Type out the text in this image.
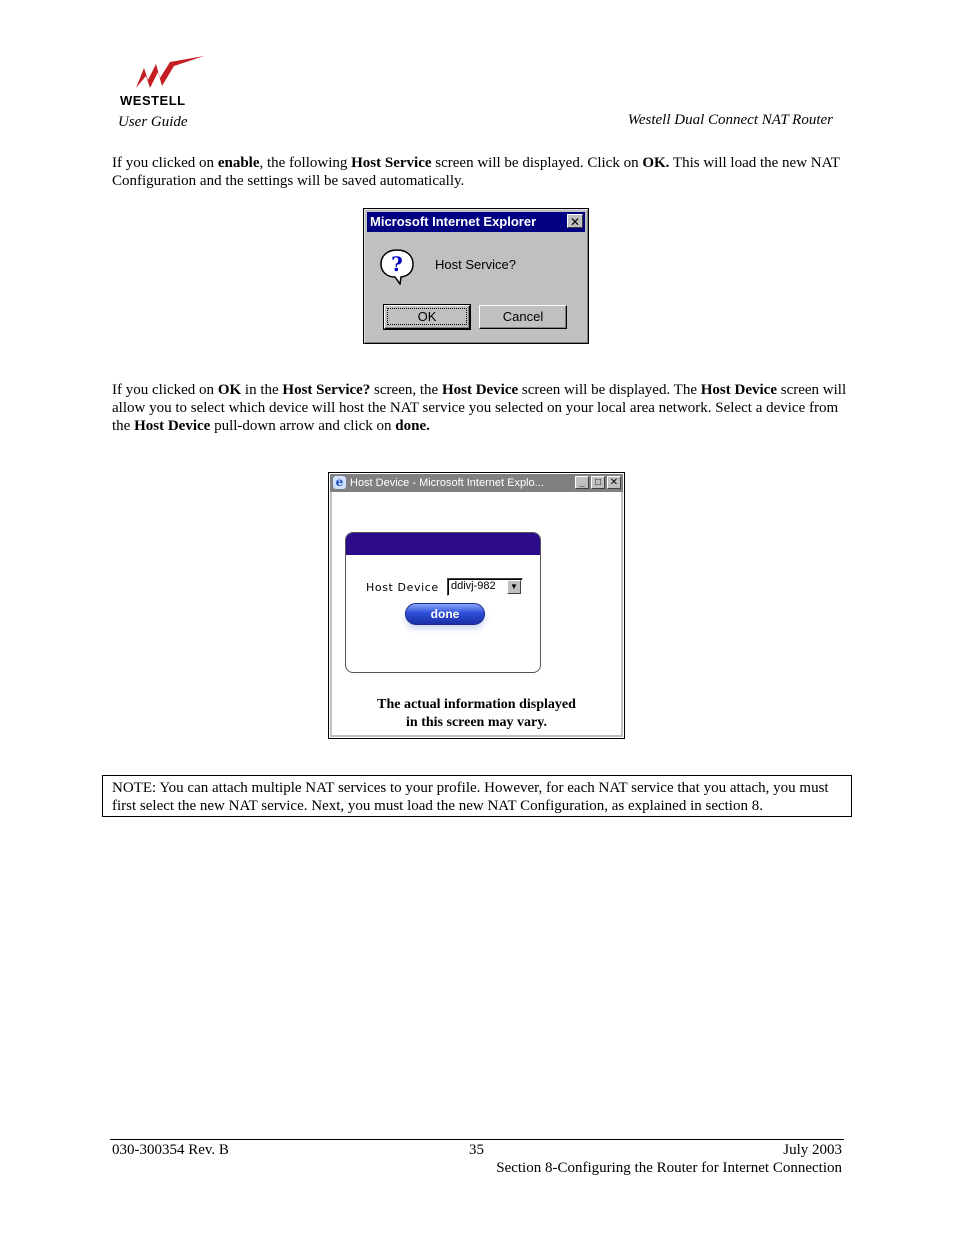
WESTELL
User Guide	Westell Dual Connect NAT Router
If you clicked on enable, the following Host Service screen will be displayed. Click on OK. This will load the new NAT Configuration and the settings will be saved automatically.
Microsoft Internet Explorer	✕
? Host Service?
OK	Cancel
If you clicked on OK in the Host Service? screen, the Host Device screen will be displayed. The Host Device screen will allow you to select which device will host the NAT service you selected on your local area network. Select a device from the Host Device pull-down arrow and click on done.
e Host Device - Microsoft Internet Explo...	_	□ ✕
Host Device ddivj-982	▼
done
The actual information displayed
in this screen may vary.
NOTE: You can attach multiple NAT services to your profile. However, for each NAT service that you attach, you must first select the new NAT service. Next, you must load the new NAT Configuration, as explained in section 8.
030-300354 Rev. B	35	July 2003
Section 8-Configuring the Router for Internet Connection
